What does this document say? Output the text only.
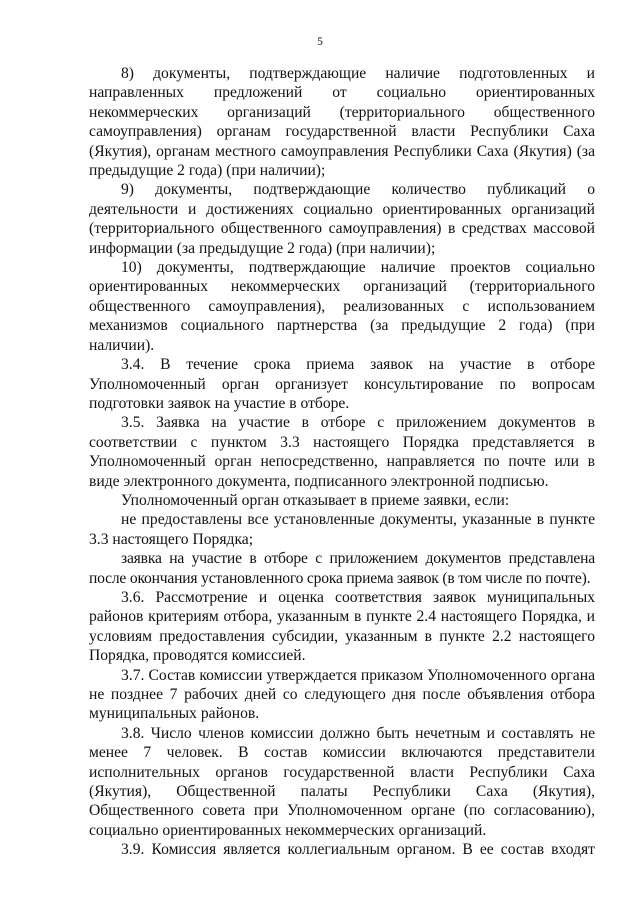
5

8) документы, подтверждающие наличие подготовленных и направленных предложений от социально ориентированных некоммерческих организаций (территориального общественного самоуправления) органам государственной власти Республики Саха (Якутия), органам местного самоуправления Республики Саха (Якутия) (за предыдущие 2 года) (при наличии);

9) документы, подтверждающие количество публикаций о деятельности и достижениях социально ориентированных организаций (территориального общественного самоуправления) в средствах массовой информации (за предыдущие 2 года) (при наличии);

10) документы, подтверждающие наличие проектов социально ориентированных некоммерческих организаций (территориального общественного самоуправления), реализованных с использованием механизмов социального партнерства (за предыдущие 2 года) (при наличии).

3.4. В течение срока приема заявок на участие в отборе Уполномоченный орган организует консультирование по вопросам подготовки заявок на участие в отборе.

3.5. Заявка на участие в отборе с приложением документов в соответствии с пунктом 3.3 настоящего Порядка представляется в Уполномоченный орган непосредственно, направляется по почте или в виде электронного документа, подписанного электронной подписью.

Уполномоченный орган отказывает в приеме заявки, если:

не предоставлены все установленные документы, указанные в пункте 3.3 настоящего Порядка;

заявка на участие в отборе с приложением документов представлена после окончания установленного срока приема заявок (в том числе по почте).

3.6. Рассмотрение и оценка соответствия заявок муниципальных районов критериям отбора, указанным в пункте 2.4 настоящего Порядка, и условиям предоставления субсидии, указанным в пункте 2.2 настоящего Порядка, проводятся комиссией.

3.7. Состав комиссии утверждается приказом Уполномоченного органа не позднее 7 рабочих дней со следующего дня после объявления отбора муниципальных районов.

3.8. Число членов комиссии должно быть нечетным и составлять не менее 7 человек. В состав комиссии включаются представители исполнительных органов государственной власти Республики Саха (Якутия), Общественной палаты Республики Саха (Якутия), Общественного совета при Уполномоченном органе (по согласованию), социально ориентированных некоммерческих организаций.

3.9. Комиссия является коллегиальным органом. В ее состав входят
